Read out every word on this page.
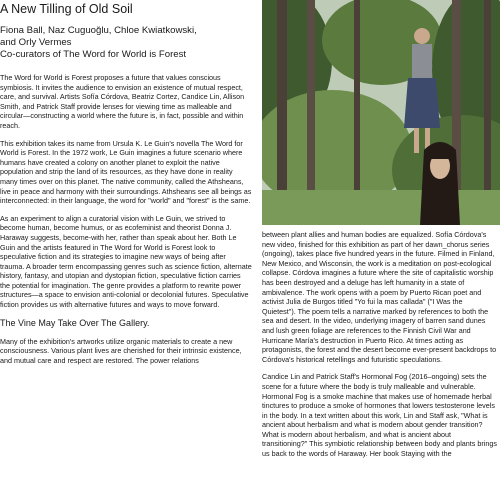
A New Tilling of Old Soil
Fiona Ball, Naz Cuguoğlu, Chloe Kwiatkowski,
and Orly Vermes
Co-curators of The Word for World is Forest

The Word for World is Forest proposes a future that values conscious symbiosis. It invites the audience to envision an existence of mutual respect, care, and survival. Artists Sofía Córdova, Beatriz Cortez, Candice Lin, Allison Smith, and Patrick Staff provide lenses for viewing time as malleable and circular—constructing a world where the future is, in fact, possible and within reach.

This exhibition takes its name from Ursula K. Le Guin's novella The Word for World is Forest. In the 1972 work, Le Guin imagines a future scenario where humans have created a colony on another planet to exploit the native population and strip the land of its resources, as they have done in reality many times over on this planet. The native community, called the Athsheans, live in peace and harmony with their surroundings. Athsheans see all beings as interconnected: in their language, the word for "world" and "forest" is the same.

As an experiment to align a curatorial vision with Le Guin, we strived to become human, become humus, or as ecofeminist and theorist Donna J. Haraway suggests, become-with her, rather than speak about her. Both Le Guin and the artists featured in The Word for World is Forest look to speculative fiction and its strategies to imagine new ways of being after trauma. A broader term encompassing genres such as science fiction, alternate history, fantasy, and utopian and dystopian fiction, speculative fiction carries the potential for imagination. The genre provides a platform to rewrite power structures—a space to envision anti-colonial or decolonial futures. Speculative fiction provides us with alternative futures and ways to move forward.

The Vine May Take Over The Gallery.

Many of the exhibition's artworks utilize organic materials to create a new consciousness. Various plant lives are cherished for their intrinsic existence, and mutual care and respect are restored. The power relations

between plant allies and human bodies are equalized. Sofía Córdova's new video, finished for this exhibition as part of her dawn_chorus series (ongoing), takes place five hundred years in the future. Filmed in Finland, New Mexico, and Wisconsin, the work is a meditation on post-ecological collapse. Córdova imagines a future where the site of capitalistic worship has been destroyed and a deluge has left humanity in a state of ambivalence. The work opens with a poem by Puerto Rican poet and activist Julia de Burgos titled "Yo fui la mas callada" ("I Was the Quietest"). The poem tells a narrative marked by references to both the sea and desert. In the video, underlying imagery of barren sand dunes and lush green foliage are references to the Finnish Civil War and Hurricane María's destruction in Puerto Rico. At times acting as protagonists, the forest and the desert become ever-present backdrops to Córdova's historical retellings and futuristic speculations.

Candice Lin and Patrick Staff's Hormonal Fog (2016–ongoing) sets the scene for a future where the body is truly malleable and vulnerable. Hormonal Fog is a smoke machine that makes use of homemade herbal tinctures to produce a smoke of hormones that lowers testosterone levels in the body. In a text written about this work, Lin and Staff ask, "What is ancient about herbalism and what is modern about gender transition? What is modern about herbalism, and what is ancient about transitioning?" This symbiotic relationship between body and plants brings us back to the words of Haraway. Her book Staying with the
